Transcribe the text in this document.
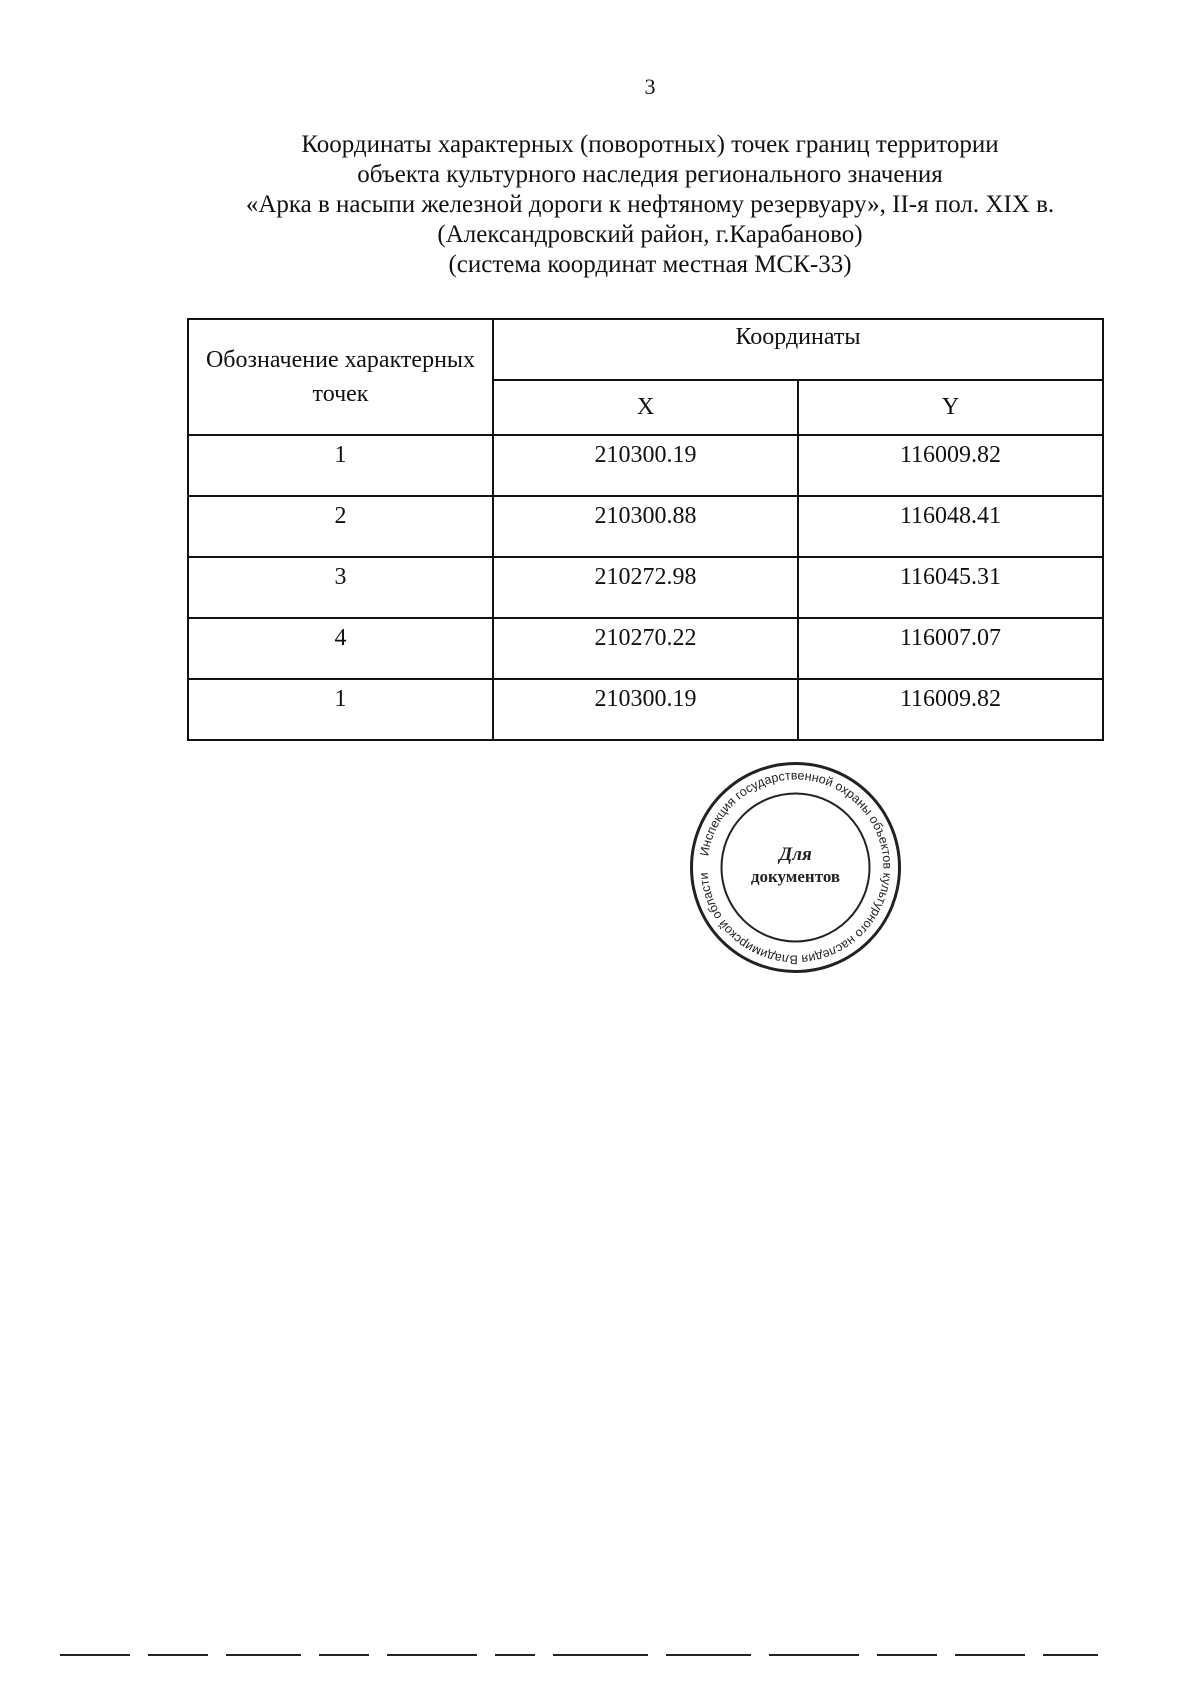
3
Координаты характерных (поворотных) точек границ территории
объекта культурного наследия регионального значения
«Арка в насыпи железной дороги к нефтяному резервуару», II-я пол. XIX в.
(Александровский район, г.Карабаново)
(система координат местная МСК-33)
Обозначение характерных точек	Координаты	
	X	Y
1	210300.19	116009.82
2	210300.88	116048.41
3	210272.98	116045.31
4	210270.22	116007.07
1	210300.19	116009.82
Инспекция государственной охраны объектов культурного наследия Владимирской области
Для
документов
